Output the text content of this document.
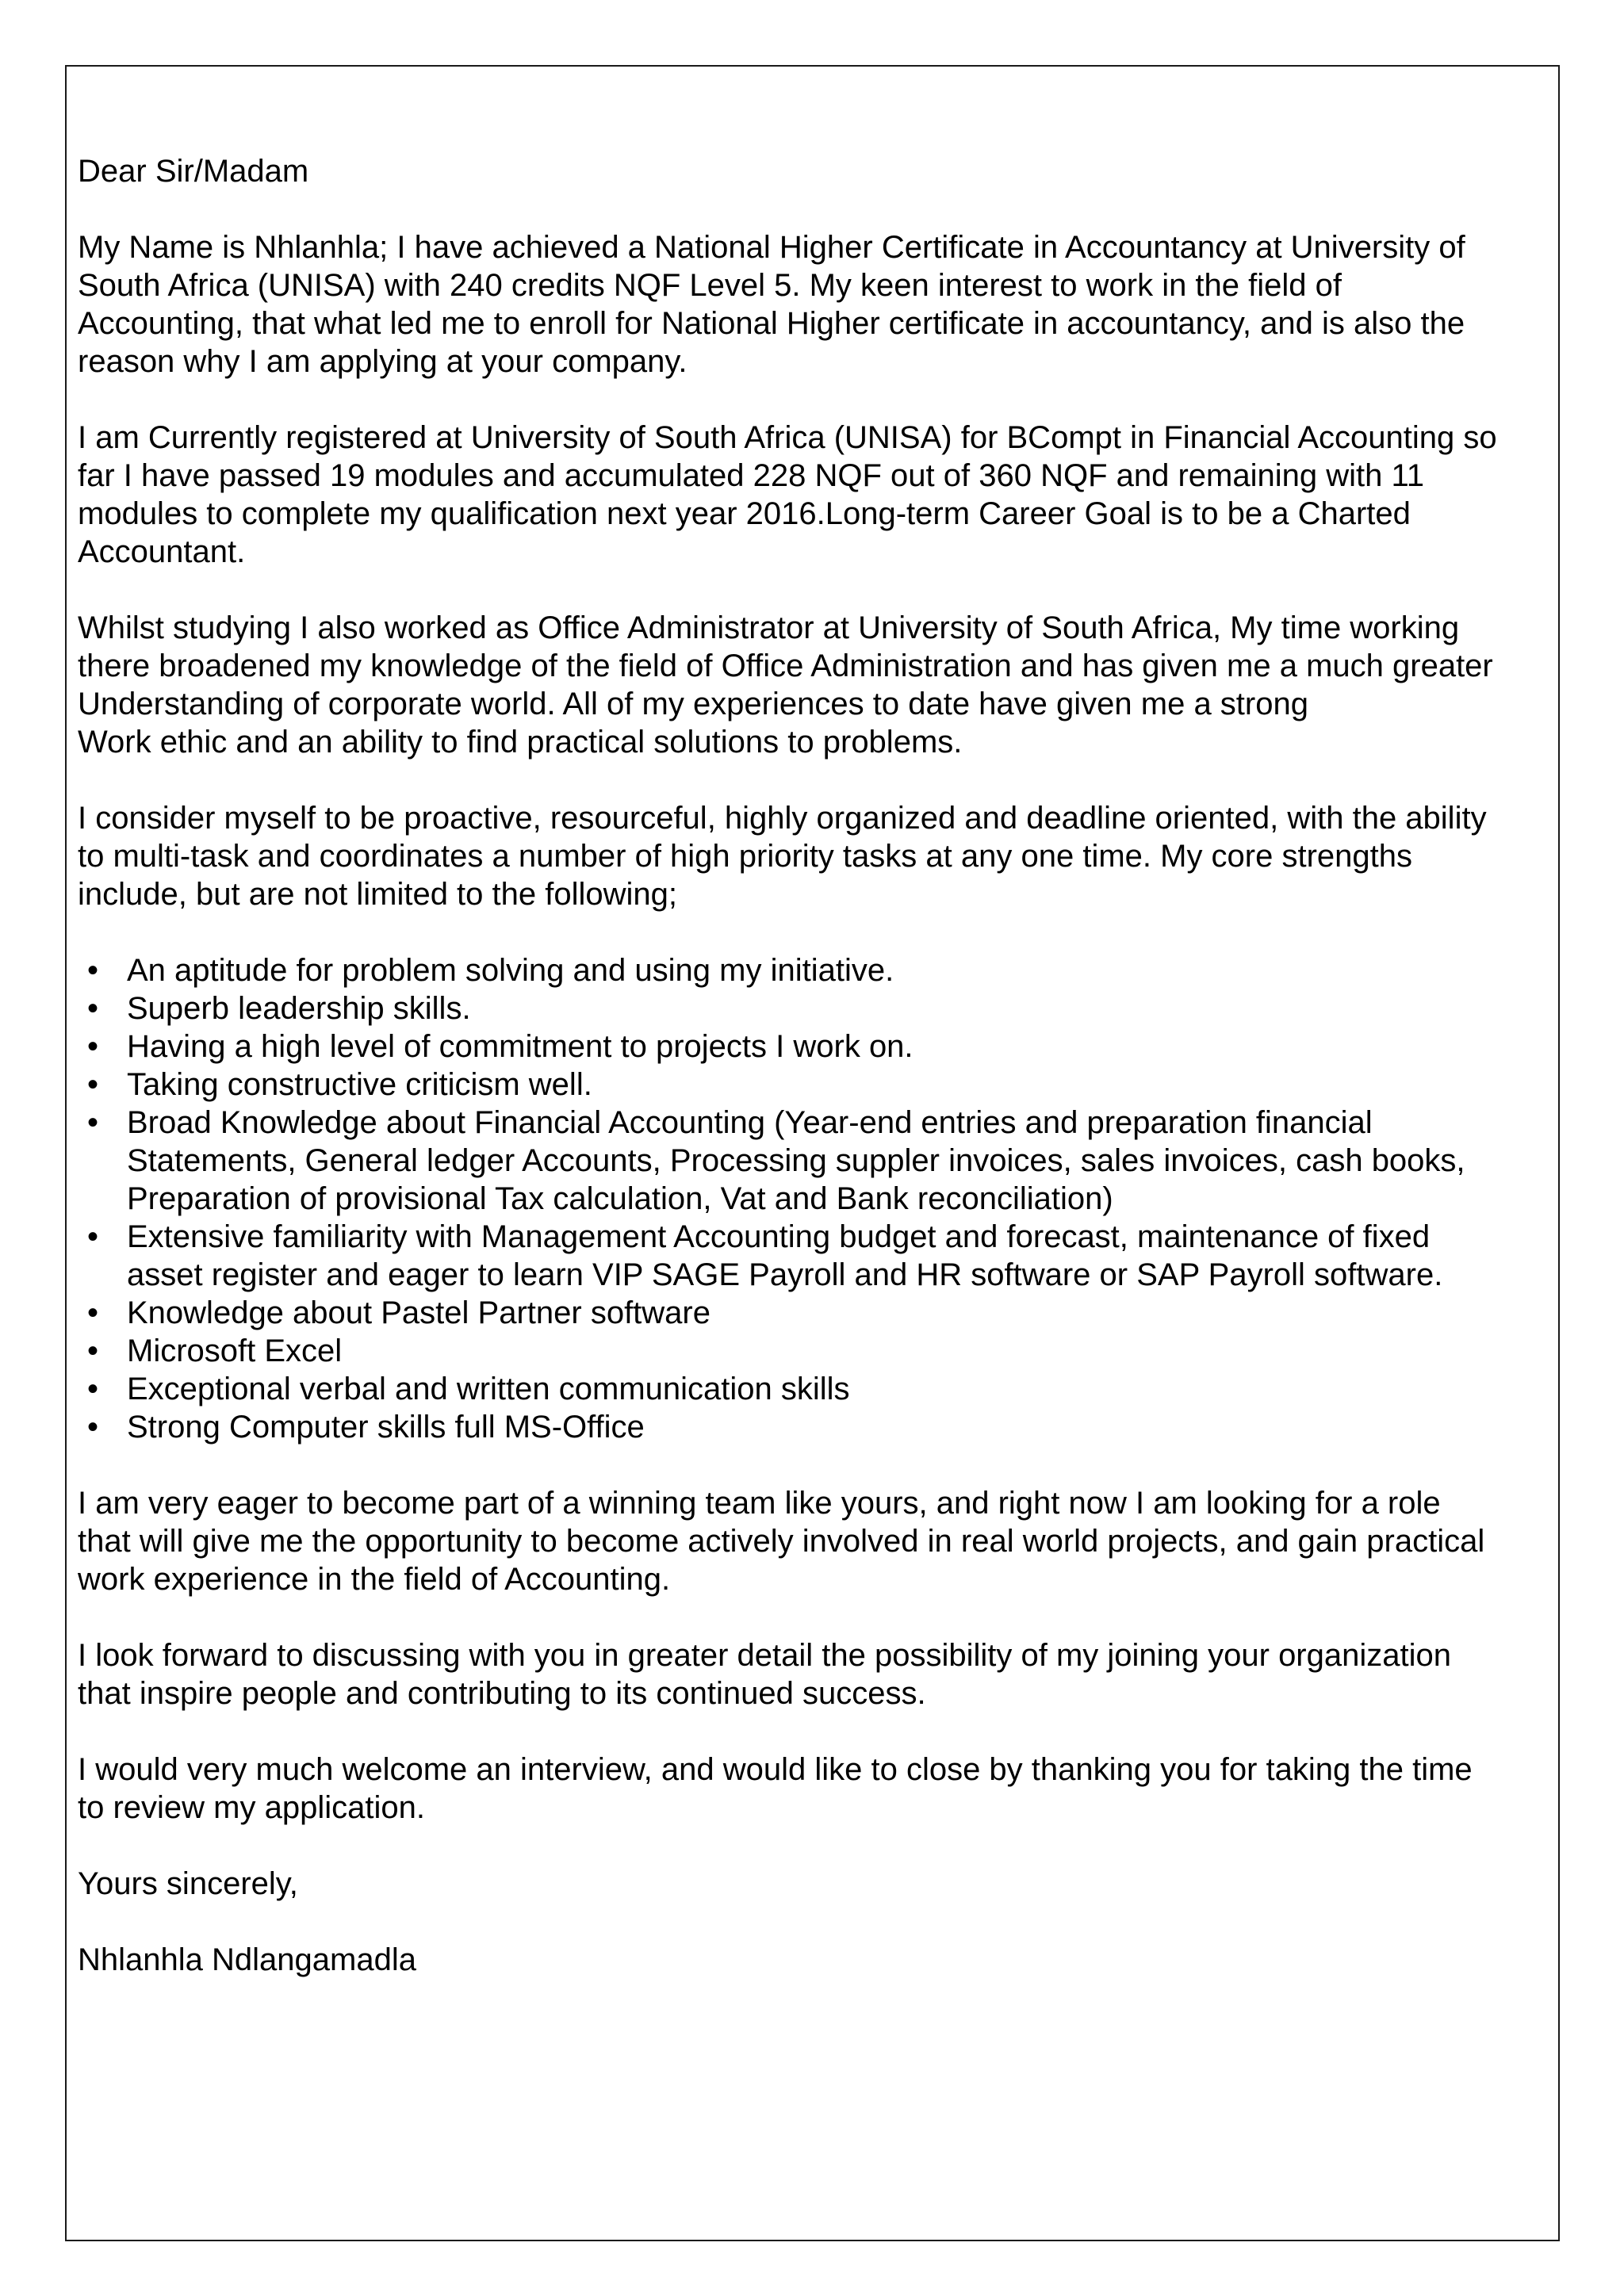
Dear Sir/Madam

My Name is Nhlanhla; I have achieved a National Higher Certificate in Accountancy at University of
South Africa (UNISA) with 240 credits NQF Level 5. My keen interest to work in the field of
Accounting, that what led me to enroll for National Higher certificate in accountancy, and is also the
reason why I am applying at your company.

I am Currently registered at University of South Africa (UNISA) for BCompt in Financial Accounting so
far I have passed 19 modules and accumulated 228 NQF out of 360 NQF and remaining with 11
modules to complete my qualification next year 2016.Long-term Career Goal is to be a Charted
Accountant.

Whilst studying I also worked as Office Administrator at University of South Africa, My time working
there broadened my knowledge of the field of Office Administration and has given me a much greater
Understanding of corporate world. All of my experiences to date have given me a strong
Work ethic and an ability to find practical solutions to problems.

I consider myself to be proactive, resourceful, highly organized and deadline oriented, with the ability
to multi-task and coordinates a number of high priority tasks at any one time. My core strengths
include, but are not limited to the following;

• An aptitude for problem solving and using my initiative.
• Superb leadership skills.
• Having a high level of commitment to projects I work on.
• Taking constructive criticism well.
• Broad Knowledge about Financial Accounting (Year-end entries and preparation financial
Statements, General ledger Accounts, Processing suppler invoices, sales invoices, cash books,
Preparation of provisional Tax calculation, Vat and Bank reconciliation)
• Extensive familiarity with Management Accounting budget and forecast, maintenance of fixed
asset register and eager to learn VIP SAGE Payroll and HR software or SAP Payroll software.
• Knowledge about Pastel Partner software
• Microsoft Excel
• Exceptional verbal and written communication skills
• Strong Computer skills full MS-Office

I am very eager to become part of a winning team like yours, and right now I am looking for a role
that will give me the opportunity to become actively involved in real world projects, and gain practical
work experience in the field of Accounting.

I look forward to discussing with you in greater detail the possibility of my joining your organization
that inspire people and contributing to its continued success.

I would very much welcome an interview, and would like to close by thanking you for taking the time
to review my application.

Yours sincerely,

Nhlanhla Ndlangamadla
